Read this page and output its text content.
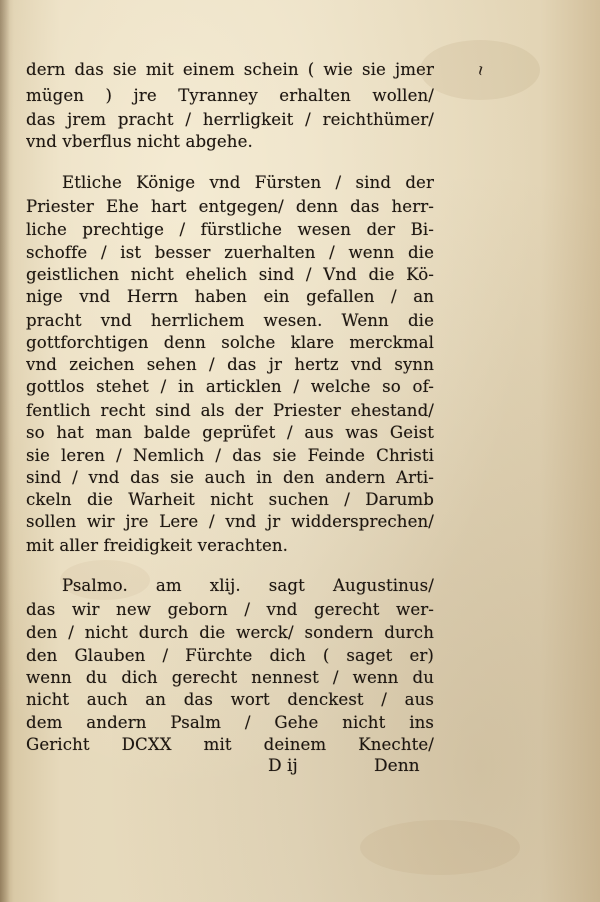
ɩ
dern das sie mit einem schein ( wie sie jmer
mügen ) jre Tyranney erhalten wollen/
das jrem pracht / herrligkeit / reichthümer/
vnd vberflus nicht abgehe.
Etliche Könige vnd Fürsten / sind der
Priester Ehe hart entgegen/ denn das herr-
liche prechtige / fürstliche wesen der Bi-
schoffe / ist besser zuerhalten / wenn die
geistlichen nicht ehelich sind / Vnd die Kö-
nige vnd Herrn haben ein gefallen / an
pracht vnd herrlichem wesen. Wenn die
gottforchtigen denn solche klare merckmal
vnd zeichen sehen / das jr hertz vnd synn
gottlos stehet / in articklen / welche so of-
fentlich recht sind als der Priester ehestand/
so hat man balde geprüfet / aus was Geist
sie leren / Nemlich / das sie Feinde Christi
sind / vnd das sie auch in den andern Arti-
ckeln die Warheit nicht suchen / Darumb
sollen wir jre Lere / vnd jr widdersprechen/
mit aller freidigkeit verachten.
Psalmo. am xlij. sagt Augustinus/
das wir new geborn / vnd gerecht wer-
den / nicht durch die werck/ sondern durch
den Glauben / Fürchte dich ( saget er)
wenn du dich gerecht nennest / wenn du
nicht auch an das wort denckest / aus
dem andern Psalm / Gehe nicht ins
Gericht DCXX mit deinem Knechte/
D ij	Denn
